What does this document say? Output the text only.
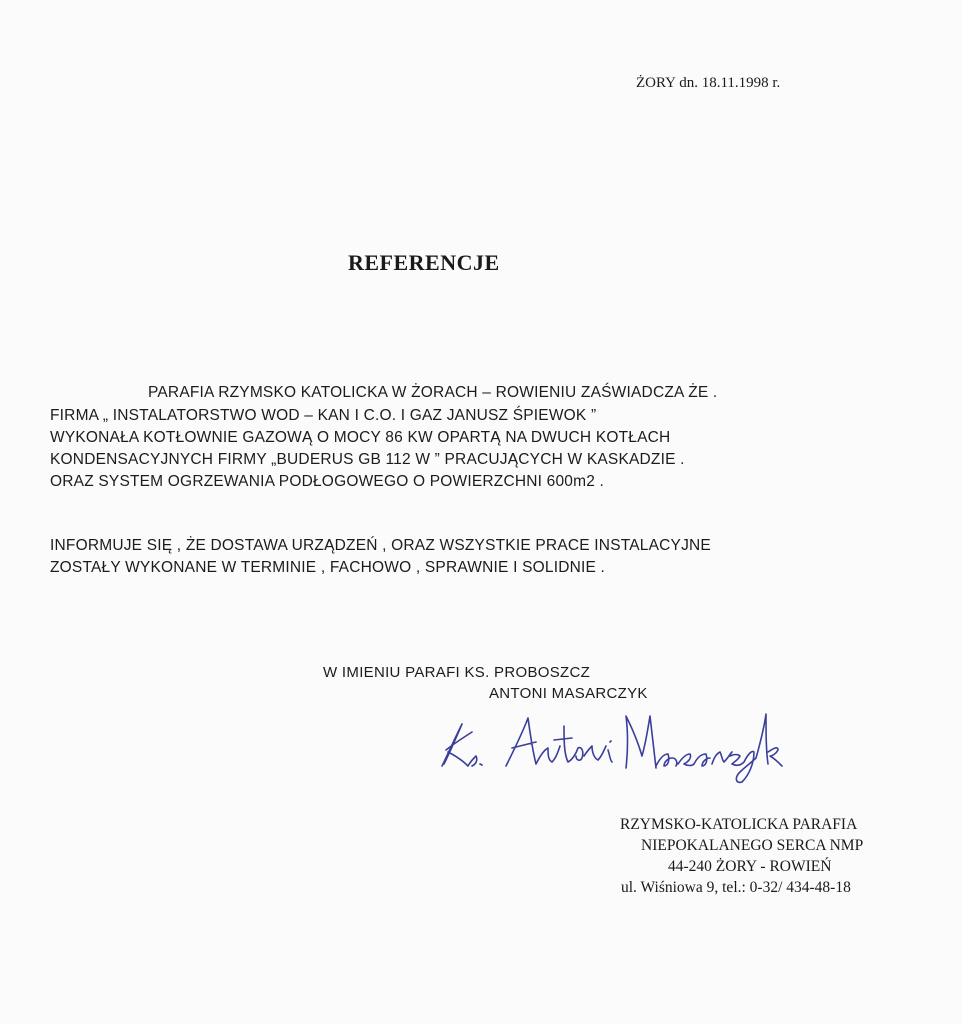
ŻORY dn. 18.11.1998 r.
REFERENCJE
PARAFIA RZYMSKO KATOLICKA W ŻORACH – ROWIENIU ZAŚWIADCZA ŻE .
FIRMA „ INSTALATORSTWO WOD – KAN I C.O. I GAZ JANUSZ ŚPIEWOK ”
WYKONAŁA KOTŁOWNIE GAZOWĄ O MOCY 86 KW OPARTĄ NA DWUCH KOTŁACH
KONDENSACYJNYCH FIRMY „BUDERUS GB 112 W ” PRACUJĄCYCH W KASKADZIE .
ORAZ SYSTEM OGRZEWANIA PODŁOGOWEGO O POWIERZCHNI 600m2 .
INFORMUJE SIĘ , ŻE DOSTAWA URZĄDZEŃ , ORAZ WSZYSTKIE PRACE INSTALACYJNE
ZOSTAŁY WYKONANE W TERMINIE , FACHOWO , SPRAWNIE I SOLIDNIE .
W IMIENIU PARAFI KS. PROBOSZCZ
ANTONI MASARCZYK
RZYMSKO-KATOLICKA PARAFIA
NIEPOKALANEGO SERCA NMP
44-240 ŻORY - ROWIEŃ
ul. Wiśniowa 9, tel.: 0-32/ 434-48-18
